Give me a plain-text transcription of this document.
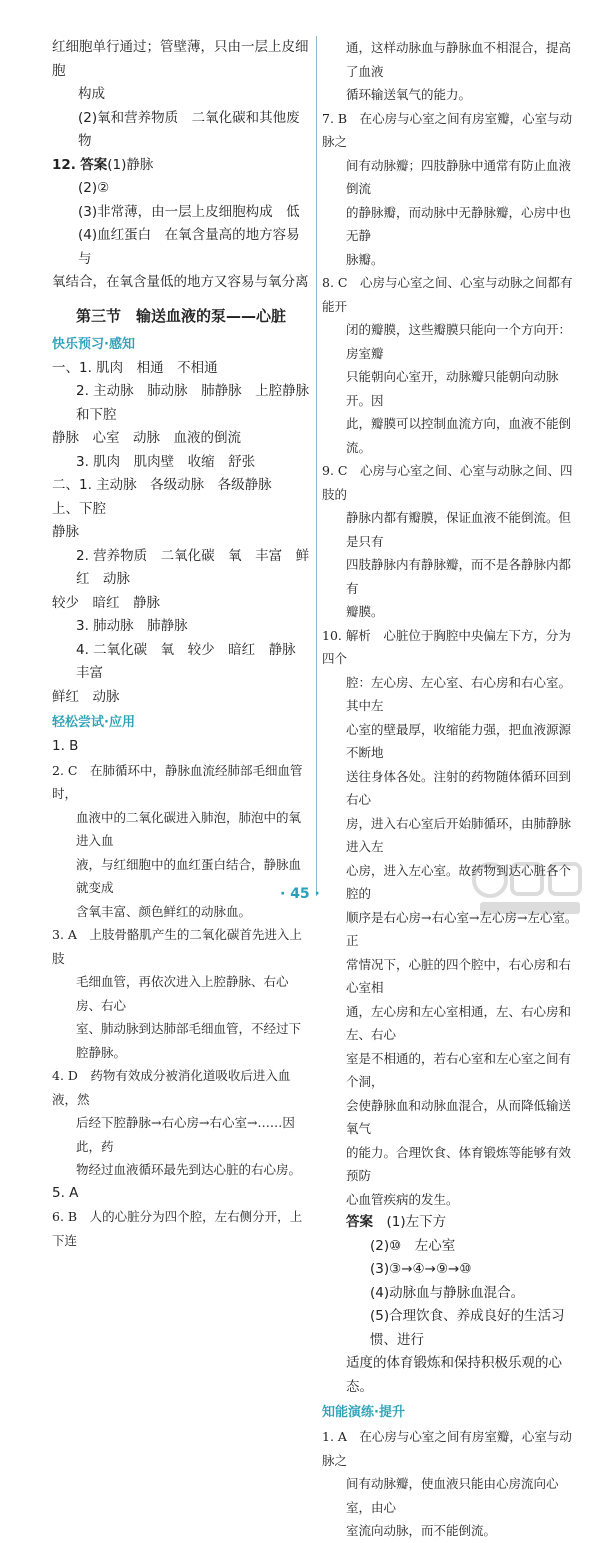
红细胞单行通过；管壁薄，只由一层上皮细胞

构成

(2)氧和营养物质　二氧化碳和其他废物

12. 答案(1)静脉

(2)②

(3)非常薄，由一层上皮细胞构成　低

(4)血红蛋白　在氧含量高的地方容易与

氧结合，在氧含量低的地方又容易与氧分离

第三节　输送血液的泵——心脏
快乐预习·感知

一、1. 肌肉　相通　不相通

2. 主动脉　肺动脉　肺静脉　上腔静脉和下腔

静脉　心室　动脉　血液的倒流

3. 肌肉　肌肉壁　收缩　舒张

二、1. 主动脉　各级动脉　各级静脉　上、下腔

静脉

2. 营养物质　二氧化碳　氧　丰富　鲜红　动脉

较少　暗红　静脉

3. 肺动脉　肺静脉

4. 二氧化碳　氧　较少　暗红　静脉　丰富

鲜红　动脉

轻松尝试·应用

1. B

2. C　在肺循环中，静脉血流经肺部毛细血管时，

血液中的二氧化碳进入肺泡，肺泡中的氧进入血

液，与红细胞中的血红蛋白结合，静脉血就变成

含氧丰富、颜色鲜红的动脉血。

3. A　上肢骨骼肌产生的二氧化碳首先进入上肢

毛细血管，再依次进入上腔静脉、右心房、右心

室、肺动脉到达肺部毛细血管，不经过下腔静脉。

4. D　药物有效成分被消化道吸收后进入血液，然

后经下腔静脉→右心房→右心室→……因此，药

物经过血液循环最先到达心脏的右心房。

5. A

6. B　人的心脏分为四个腔，左右侧分开，上下连

通，这样动脉血与静脉血不相混合，提高了血液

循环输送氧气的能力。

7. B　在心房与心室之间有房室瓣，心室与动脉之

间有动脉瓣；四肢静脉中通常有防止血液倒流

的静脉瓣，而动脉中无静脉瓣，心房中也无静

脉瓣。

8. C　心房与心室之间、心室与动脉之间都有能开

闭的瓣膜，这些瓣膜只能向一个方向开：房室瓣

只能朝向心室开，动脉瓣只能朝向动脉开。因

此，瓣膜可以控制血流方向，血液不能倒流。

9. C　心房与心室之间、心室与动脉之间、四肢的

静脉内都有瓣膜，保证血液不能倒流。但是只有

四肢静脉内有静脉瓣，而不是各静脉内都有

瓣膜。

10. 解析　心脏位于胸腔中央偏左下方，分为四个

腔：左心房、左心室、右心房和右心室。其中左

心室的壁最厚，收缩能力强，把血液源源不断地

送往身体各处。注射的药物随体循环回到右心

房，进入右心室后开始肺循环，由肺静脉进入左

心房，进入左心室。故药物到达心脏各个腔的

顺序是右心房→右心室→左心房→左心室。正

常情况下，心脏的四个腔中，右心房和右心室相

通，左心房和左心室相通，左、右心房和左、右心

室是不相通的，若右心室和左心室之间有个洞，

会使静脉血和动脉血混合，从而降低输送氧气

的能力。合理饮食、体育锻炼等能够有效预防

心血管疾病的发生。

答案　 (1)左下方

(2)⑩　左心室

(3)③→④→⑨→⑩

(4)动脉血与静脉血混合。

(5)合理饮食、养成良好的生活习惯、进行

适度的体育锻炼和保持积极乐观的心态。

知能演练·提升

1. A　在心房与心室之间有房室瓣，心室与动脉之

间有动脉瓣，使血液只能由心房流向心室，由心

室流向动脉，而不能倒流。

· 45 ·
